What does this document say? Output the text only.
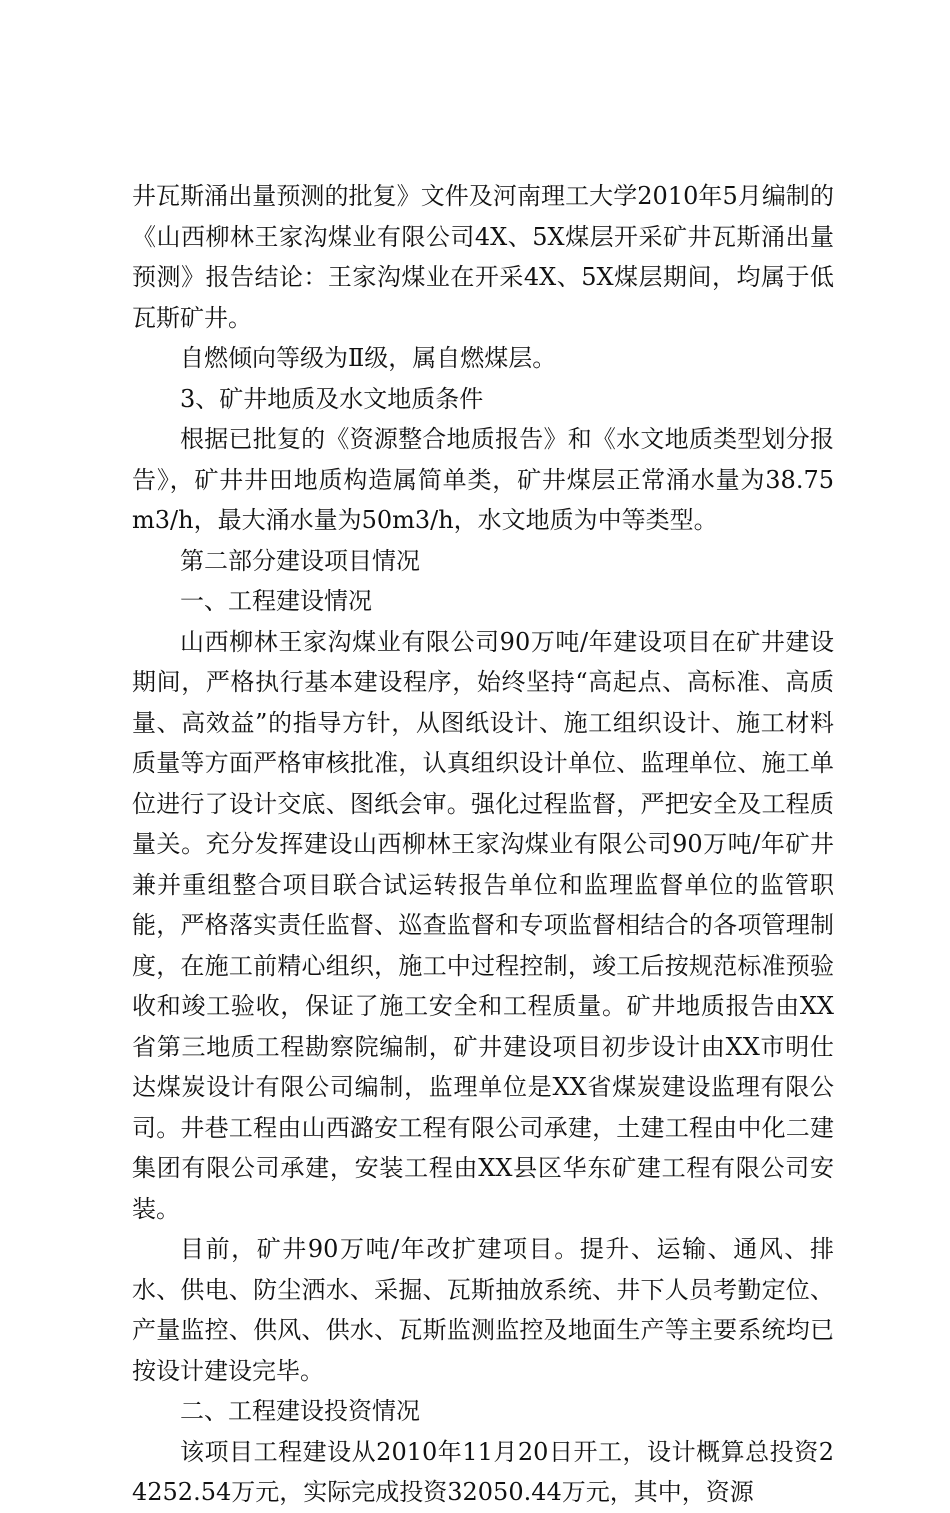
井瓦斯涌出量预测的批复》文件及河南理工大学2010年5月编制的《山西柳林王家沟煤业有限公司4X、5X煤层开采矿井瓦斯涌出量预测》报告结论：王家沟煤业在开采4X、5X煤层期间，均属于低瓦斯矿井。

自燃倾向等级为Ⅱ级，属自燃煤层。

3、矿井地质及水文地质条件

根据已批复的《资源整合地质报告》和《水文地质类型划分报告》，矿井井田地质构造属简单类，矿井煤层正常涌水量为38.75m3/h，最大涌水量为50m3/h，水文地质为中等类型。

第二部分建设项目情况

一、工程建设情况

山西柳林王家沟煤业有限公司90万吨/年建设项目在矿井建设期间，严格执行基本建设程序，始终坚持“高起点、高标准、高质量、高效益”的指导方针，从图纸设计、施工组织设计、施工材料质量等方面严格审核批准，认真组织设计单位、监理单位、施工单位进行了设计交底、图纸会审。强化过程监督，严把安全及工程质量关。充分发挥建设山西柳林王家沟煤业有限公司90万吨/年矿井兼并重组整合项目联合试运转报告单位和监理监督单位的监管职能，严格落实责任监督、巡查监督和专项监督相结合的各项管理制度，在施工前精心组织，施工中过程控制，竣工后按规范标准预验收和竣工验收，保证了施工安全和工程质量。矿井地质报告由XX省第三地质工程勘察院编制，矿井建设项目初步设计由XX市明仕达煤炭设计有限公司编制，监理单位是XX省煤炭建设监理有限公司。井巷工程由山西潞安工程有限公司承建，土建工程由中化二建集团有限公司承建，安装工程由XX县区华东矿建工程有限公司安装。

目前，矿井90万吨/年改扩建项目。提升、运输、通风、排水、供电、防尘洒水、采掘、瓦斯抽放系统、井下人员考勤定位、产量监控、供风、供水、瓦斯监测监控及地面生产等主要系统均已按设计建设完毕。

二、工程建设投资情况

该项目工程建设从2010年11月20日开工，设计概算总投资24252.54万元，实际完成投资32050.44万元，其中，资源
